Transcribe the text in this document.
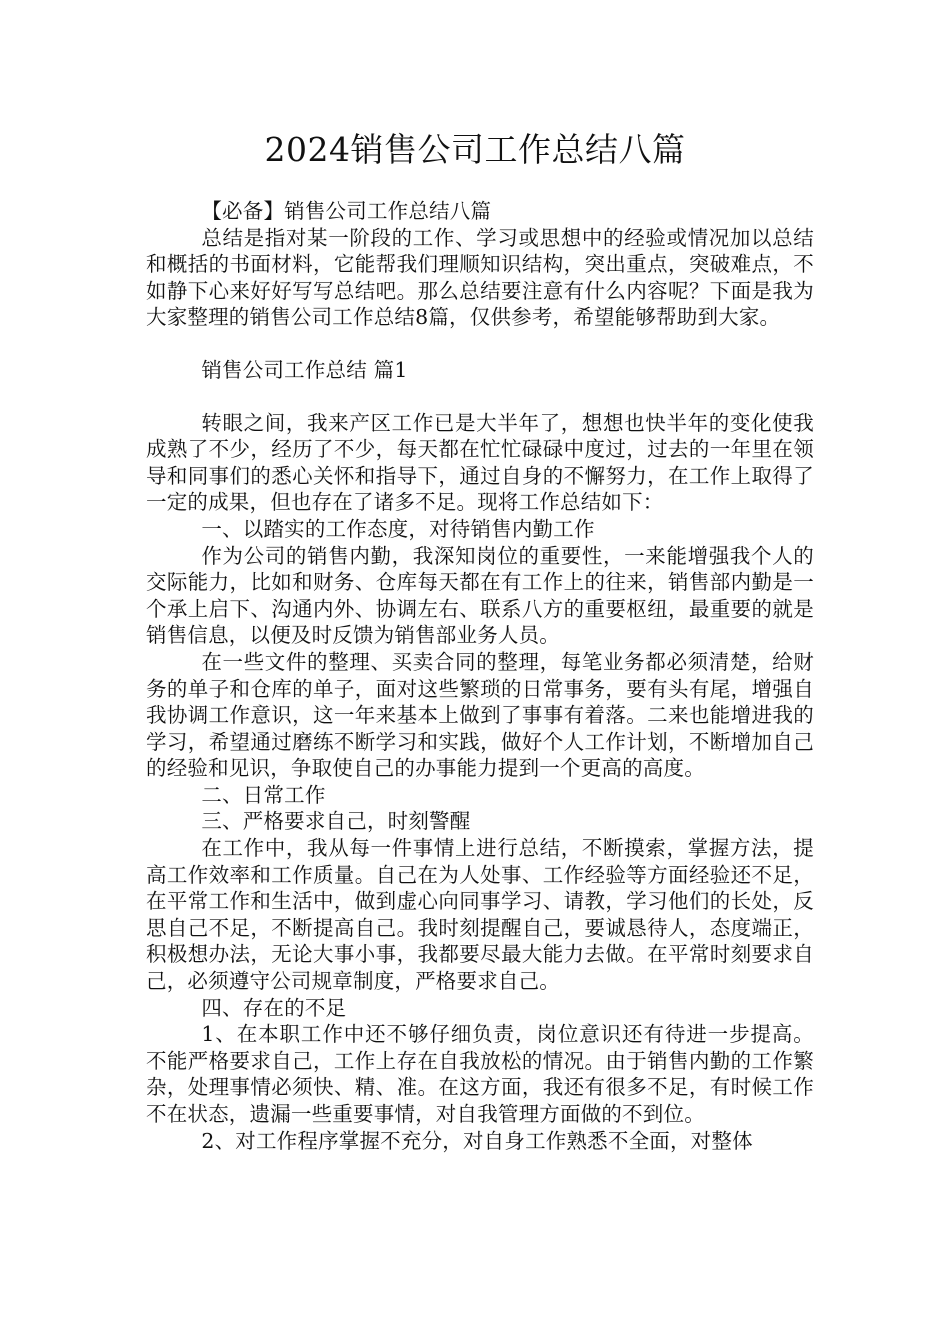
2024销售公司工作总结八篇

【必备】销售公司工作总结八篇

总结是指对某一阶段的工作、学习或思想中的经验或情况加以总结和概括的书面材料，它能帮我们理顺知识结构，突出重点，突破难点，不如静下心来好好写写总结吧。那么总结要注意有什么内容呢？下面是我为大家整理的销售公司工作总结8篇，仅供参考，希望能够帮助到大家。

销售公司工作总结 篇1

转眼之间，我来产区工作已是大半年了，想想也快半年的变化使我成熟了不少，经历了不少，每天都在忙忙碌碌中度过，过去的一年里在领导和同事们的悉心关怀和指导下，通过自身的不懈努力，在工作上取得了一定的成果，但也存在了诸多不足。现将工作总结如下：

一、以踏实的工作态度，对待销售内勤工作

作为公司的销售内勤，我深知岗位的重要性，一来能增强我个人的交际能力，比如和财务、仓库每天都在有工作上的往来，销售部内勤是一个承上启下、沟通内外、协调左右、联系八方的重要枢纽，最重要的就是销售信息，以便及时反馈为销售部业务人员。

在一些文件的整理、买卖合同的整理，每笔业务都必须清楚，给财务的单子和仓库的单子，面对这些繁琐的日常事务，要有头有尾，增强自我协调工作意识，这一年来基本上做到了事事有着落。二来也能增进我的学习，希望通过磨练不断学习和实践，做好个人工作计划，不断增加自己的经验和见识，争取使自己的办事能力提到一个更高的高度。

二、日常工作

三、严格要求自己，时刻警醒

在工作中，我从每一件事情上进行总结，不断摸索，掌握方法，提高工作效率和工作质量。自己在为人处事、工作经验等方面经验还不足，在平常工作和生活中，做到虚心向同事学习、请教，学习他们的长处，反思自己不足，不断提高自己。我时刻提醒自己，要诚恳待人，态度端正，积极想办法，无论大事小事，我都要尽最大能力去做。在平常时刻要求自己，必须遵守公司规章制度，严格要求自己。

四、存在的不足

1、在本职工作中还不够仔细负责，岗位意识还有待进一步提高。不能严格要求自己，工作上存在自我放松的情况。由于销售内勤的工作繁杂，处理事情必须快、精、准。在这方面，我还有很多不足，有时候工作不在状态，遗漏一些重要事情，对自我管理方面做的不到位。

2、对工作程序掌握不充分，对自身工作熟悉不全面，对整体
